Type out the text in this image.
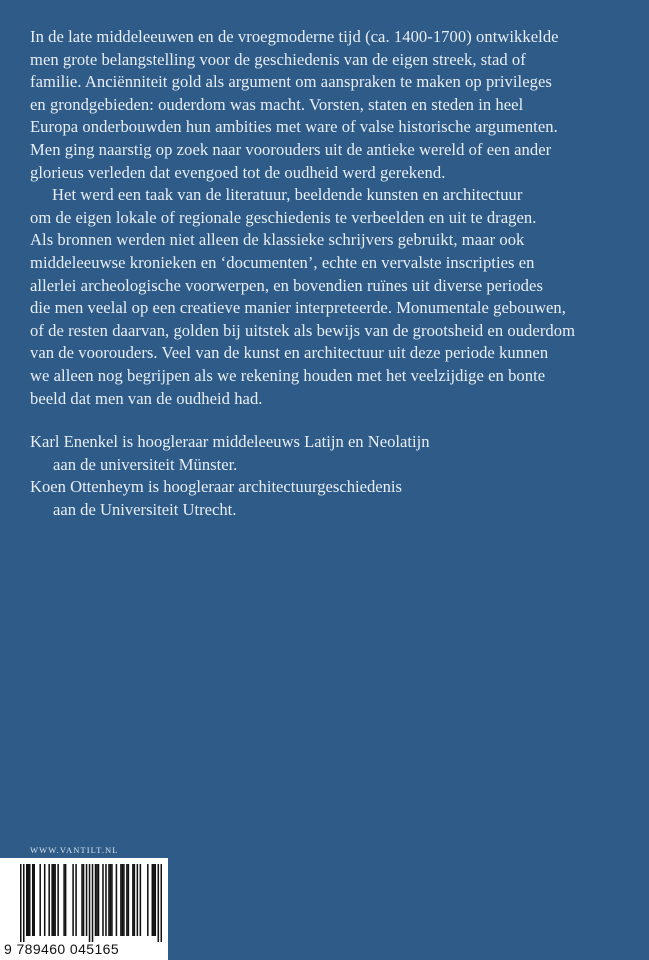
In de late middeleeuwen en de vroegmoderne tijd (ca. 1400-1700) ontwikkelde
men grote belangstelling voor de geschiedenis van de eigen streek, stad of
familie. Anciënniteit gold als argument om aanspraken te maken op privileges
en grondgebieden: ouderdom was macht. Vorsten, staten en steden in heel
Europa onderbouwden hun ambities met ware of valse historische argumenten.
Men ging naarstig op zoek naar voorouders uit de antieke wereld of een ander
glorieus verleden dat evengoed tot de oudheid werd gerekend.

Het werd een taak van de literatuur, beeldende kunsten en architectuur
om de eigen lokale of regionale geschiedenis te verbeelden en uit te dragen.
Als bronnen werden niet alleen de klassieke schrijvers gebruikt, maar ook
middeleeuwse kronieken en ‘documenten’, echte en vervalste inscripties en
allerlei archeologische voorwerpen, en bovendien ruïnes uit diverse periodes
die men veelal op een creatieve manier interpreteerde. Monumentale gebouwen,
of de resten daarvan, golden bij uitstek als bewijs van de grootsheid en ouderdom
van de voorouders. Veel van de kunst en architectuur uit deze periode kunnen
we alleen nog begrijpen als we rekening houden met het veelzijdige en bonte
beeld dat men van de oudheid had.

Karl Enenkel is hoogleraar middeleeuws Latijn en Neolatijn
aan de universiteit Münster.

Koen Ottenheym is hoogleraar architectuurgeschiedenis
aan de Universiteit Utrecht.

WWW.VANTILT.NL
9 789460 045165
